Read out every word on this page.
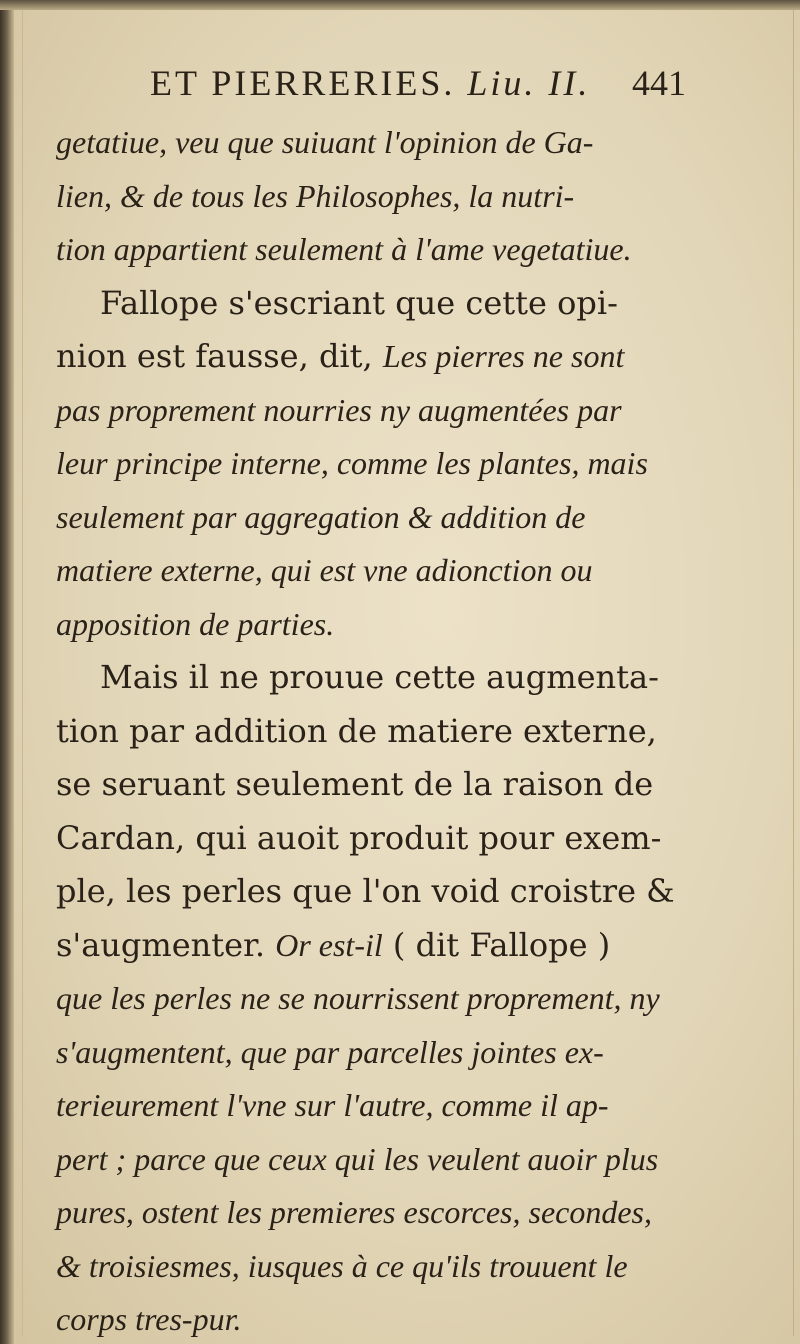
ET PIERRERIES. Liu. II. 441
getatiue, veu que suiuant l'opinion de Ga-
lien, & de tous les Philosophes, la nutri-
tion appartient seulement à l'ame vegetatiue.
Fallope s'escriant que cette opi-
nion est fausse, dit, Les pierres ne sont
pas proprement nourries ny augmentées par
leur principe interne, comme les plantes, mais
seulement par aggregation & addition de
matiere externe, qui est vne adionction ou
apposition de parties.
Mais il ne prouue cette augmenta-
tion par addition de matiere externe,
se seruant seulement de la raison de
Cardan, qui auoit produit pour exem-
ple, les perles que l'on void croistre &
s'augmenter. Or est-il ( dit Fallope )
que les perles ne se nourrissent proprement, ny
s'augmentent, que par parcelles jointes ex-
terieurement l'vne sur l'autre, comme il ap-
pert ; parce que ceux qui les veulent auoir plus
pures, ostent les premieres escorces, secondes,
& troisiesmes, iusques à ce qu'ils trouuent le
corps tres-pur.
